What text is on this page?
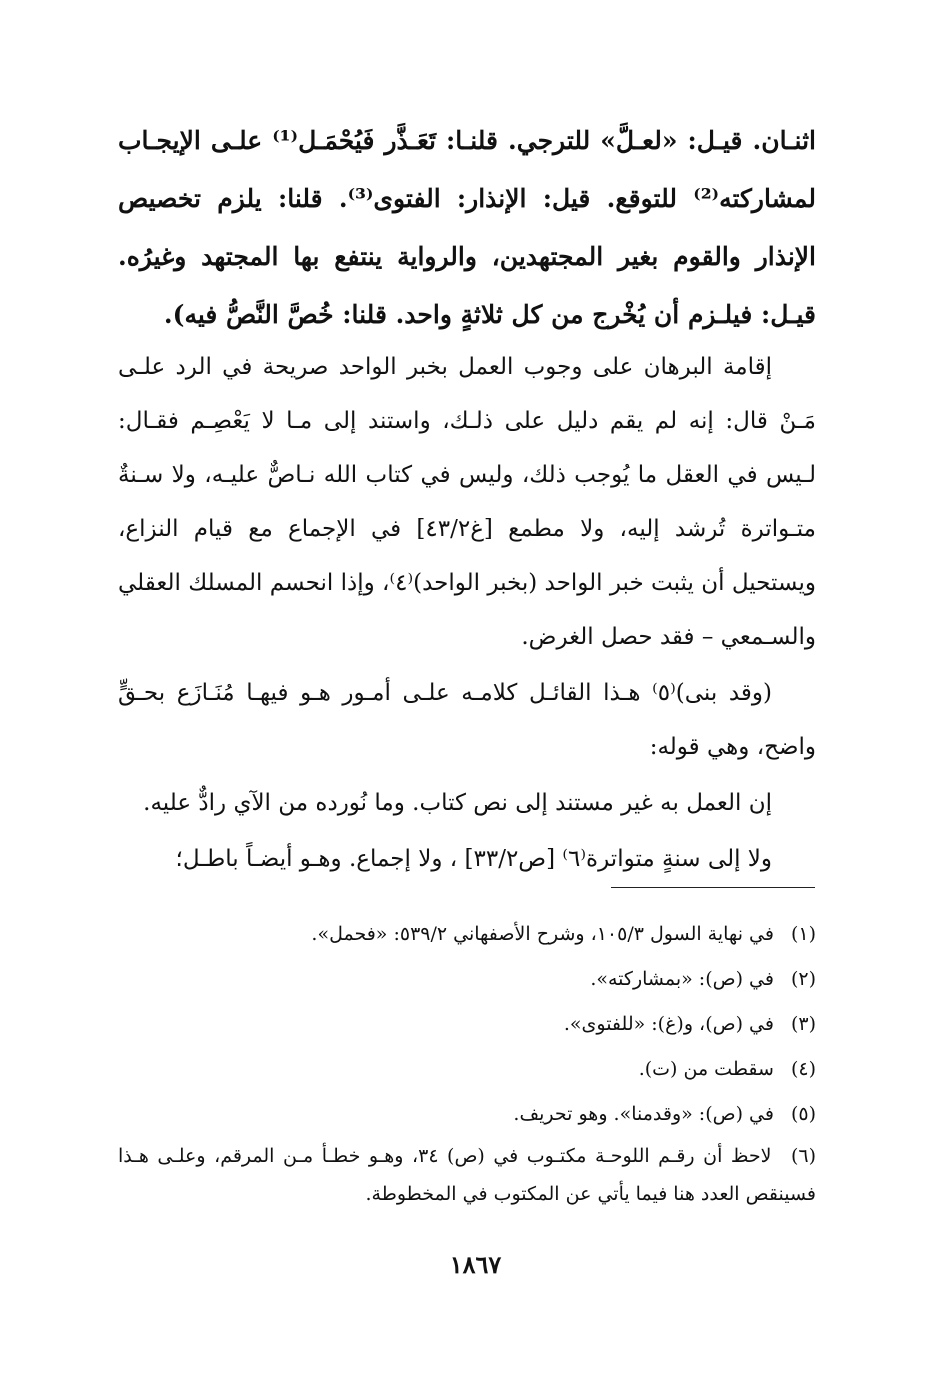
اثنـان. قيـل: «لعـلَّ» للترجي. قلنـا: تَعَـذَّر فَيُحْمَـل⁽¹⁾ علـى الإيجـاب لمشاركته⁽²⁾ للتوقع. قيل: الإنذار: الفتوى⁽³⁾. قلنا: يلزم تخصيص الإنذار والقوم بغير المجتهدين، والرواية ينتفع بها المجتهد وغيرُه. قيـل: فيلـزم أن يُخْرج من كل ثلاثةٍ واحد. قلنا: خُصَّ النَّصُّ فيه).

إقامة البرهان على وجوب العمل بخبر الواحد صريحة في الرد علـى مَـنْ قال: إنه لم يقم دليل على ذلـك، واستند إلى مـا لا يَعْصِـم فقـال: لـيس في العقل ما يُوجب ذلك، وليس في كتاب الله نـاصٌّ عليـه، ولا سـنةٌ متـواترة تُرشد إليه، ولا مطمع [غ٤٣/٢] في الإجماع مع قيام النزاع، ويستحيل أن يثبت خبر الواحد (بخبر الواحد)⁽٤⁾، وإذا انحسم المسلك العقلي والسـمعي – فقد حصل الغرض.

(وقد بنى)⁽٥⁾ هـذا القائـل كلامـه علـى أمـور هـو فيهـا مُنَـازَع بحـقٍّ واضح، وهي قوله:

إن العمل به غير مستند إلى نص كتاب. وما نُورده من الآي رادٌّ عليه.

ولا إلى سنةٍ متواترة⁽٦⁾ [ص٣٣/٢] ، ولا إجماع. وهـو أيضـاً باطـل؛

(١) في نهاية السول ١٠٥/٣، وشرح الأصفهاني ٥٣٩/٢: «فحمل».

(٢) في (ص): «بمشاركته».

(٣) في (ص)، و(غ): «للفتوى».

(٤) سقطت من (ت).

(٥) في (ص): «وقدمنا». وهو تحريف.

(٦) لاحظ أن رقـم اللوحـة مكتـوب في (ص) ٣٤، وهـو خطـأ مـن المرقم، وعلـى هـذا فسينقص العدد هنا فيما يأتي عن المكتوب في المخطوطة.

١٨٦٧
